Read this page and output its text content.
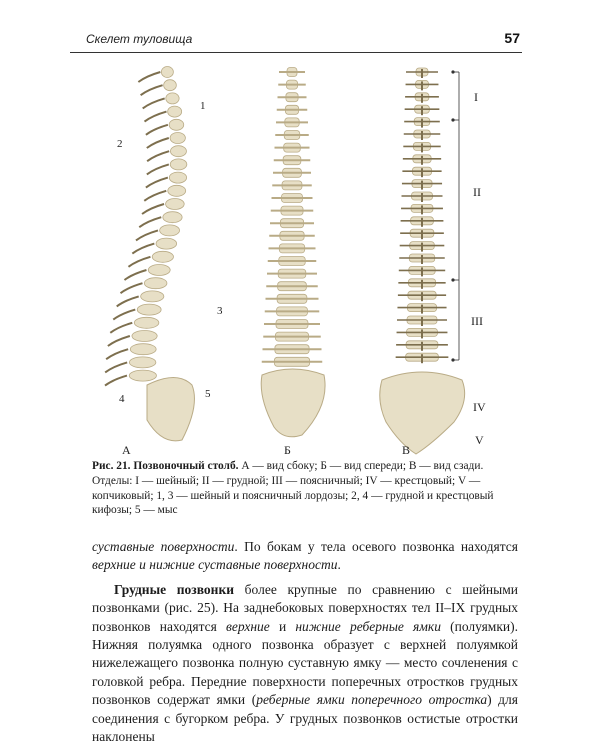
Скелет туловища	57
1
2
3
4	5
А	Б	В
I
II
III
IV
V
Рис. 21. Позвоночный столб. А — вид сбоку; Б — вид спереди; В — вид сзади. Отделы: I — шейный; II — грудной; III — поясничный; IV — крестцовый; V — копчиковый; 1, 3 — шейный и поясничный лордозы; 2, 4 — грудной и крестцовый кифозы; 5 — мыс

суставные поверхности. По бокам у тела осевого позвонка находятся верхние и нижние суставные поверхности.

Грудные позвонки более крупные по сравнению с шейными позвонками (рис. 25). На заднебоковых поверхностях тел II–IX грудных позвонков находятся верхние и нижние реберные ямки (полуямки). Нижняя полуямка одного позвонка образует с верхней полуямкой нижележащего позвонка полную суставную ямку — место сочленения с головкой ребра. Передние поверхности поперечных отростков грудных позвонков содержат ямки (реберные ямки поперечного отростка) для соединения с бугорком ребра. У грудных позвонков остистые отростки наклонены
